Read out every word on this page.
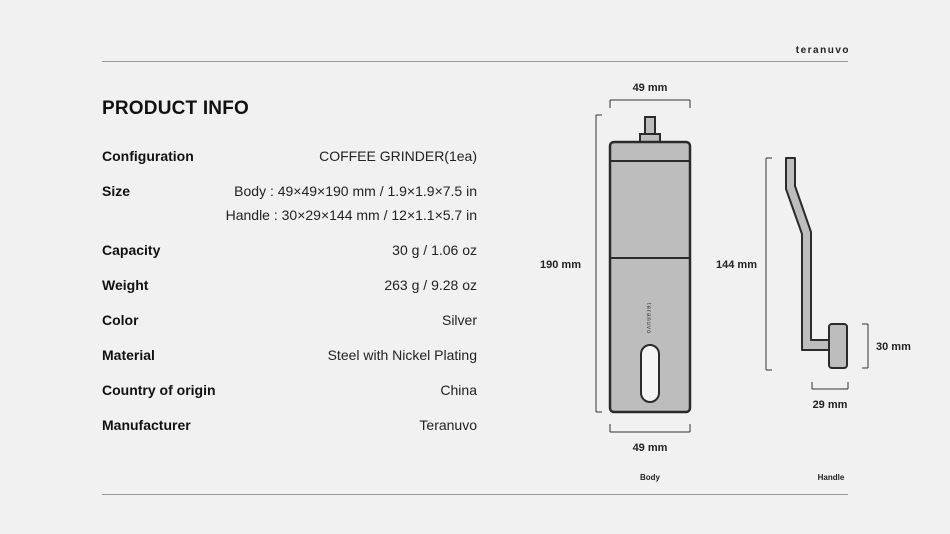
teranuvo
PRODUCT INFO
Configuration	COFFEE GRINDER(1ea)
Size	Body : 49×49×190 mm / 1.9×1.9×7.5 in
Handle : 30×29×144 mm / 12×1.1×5.7 in
Capacity	30 g / 1.06 oz
Weight	263 g / 9.28 oz
Color	Silver
Material	Steel with Nickel Plating
Country of origin	China
Manufacturer	Teranuvo
49 mm
190 mm
teranuvo
49 mm
144 mm
30 mm
29 mm
Body	Handle
